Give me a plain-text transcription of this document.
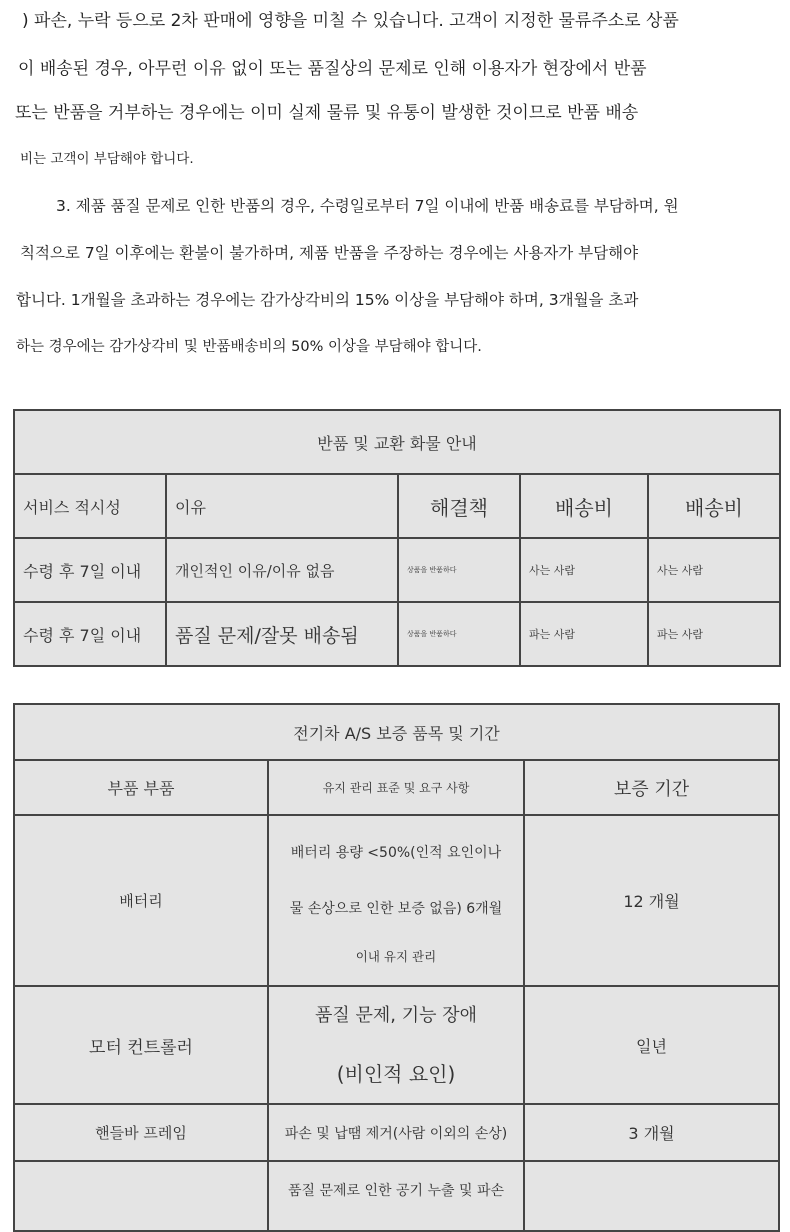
) 파손, 누락 등으로 2차 판매에 영향을 미칠 수 있습니다. 고객이 지정한 물류주소로 상품
이 배송된 경우, 아무런 이유 없이 또는 품질상의 문제로 인해 이용자가 현장에서 반품
또는 반품을 거부하는 경우에는 이미 실제 물류 및 유통이 발생한 것이므로 반품 배송
비는 고객이 부담해야 합니다.
3. 제품 품질 문제로 인한 반품의 경우, 수령일로부터 7일 이내에 반품 배송료를 부담하며, 원
칙적으로 7일 이후에는 환불이 불가하며, 제품 반품을 주장하는 경우에는 사용자가 부담해야
합니다. 1개월을 초과하는 경우에는 감가상각비의 15% 이상을 부담해야 하며, 3개월을 초과
하는 경우에는 감가상각비 및 반품배송비의 50% 이상을 부담해야 합니다.
반품 및 교환 화물 안내				
서비스 적시성	이유	해결책	배송비	배송비
수령 후 7일 이내	개인적인 이유/이유 없음	상품을 반품하다	사는 사람	사는 사람
수령 후 7일 이내	품질 문제/잘못 배송됨	상품을 반품하다	파는 사람	파는 사람
전기차 A/S 보증 품목 및 기간		
부품 부품	유지 관리 표준 및 요구 사항	보증 기간
배터리	배터리 용량 <50%(인적 요인이나
물 손상으로 인한 보증 없음) 6개월
이내 유지 관리	12 개월
모터 컨트롤러	품질 문제, 기능 장애
(비인적 요인)	일년
핸들바 프레임	파손 및 납땜 제거(사람 이외의 손상)	3 개월
	품질 문제로 인한 공기 누출 및 파손	
